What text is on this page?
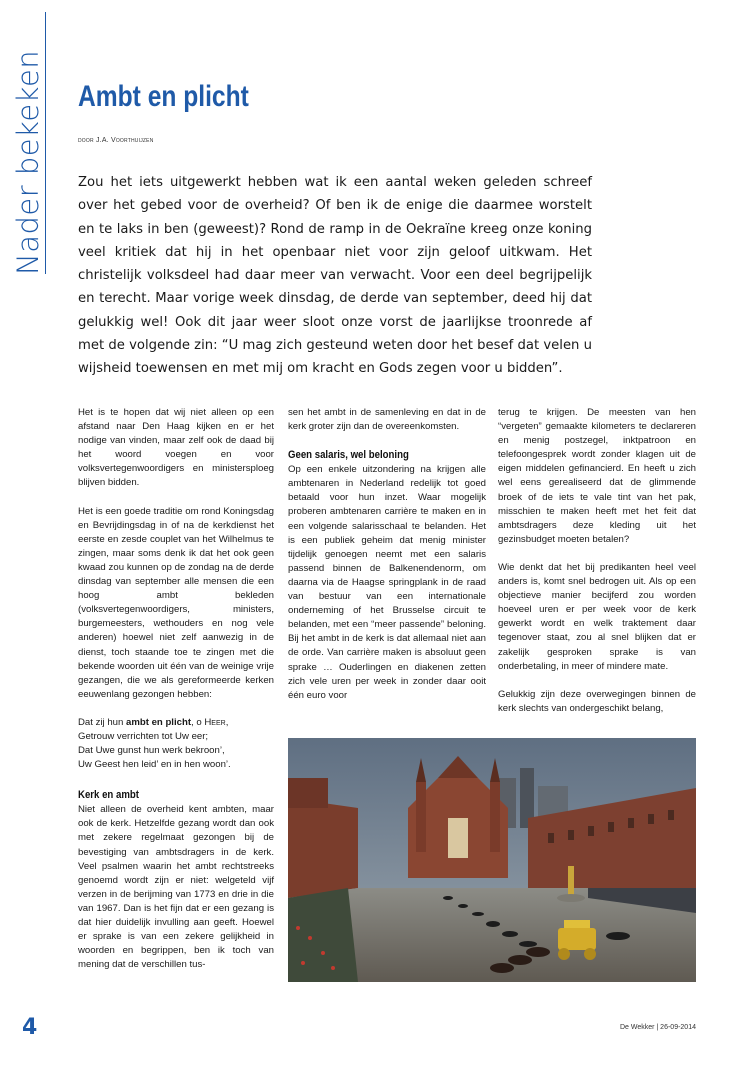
Nader bekeken Ambt en plicht
door J.A. Voorthuijzen
Zou het iets uitgewerkt hebben wat ik een aantal weken geleden schreef over het gebed voor de overheid? Of ben ik de enige die daarmee worstelt en te laks in ben (geweest)? Rond de ramp in de Oekraïne kreeg onze koning veel kritiek dat hij in het openbaar niet voor zijn geloof uitkwam. Het christelijk volksdeel had daar meer van verwacht. Voor een deel begrijpelijk en terecht. Maar vorige week dinsdag, de derde van september, deed hij dat gelukkig wel! Ook dit jaar weer sloot onze vorst de jaarlijkse troonrede af met de volgende zin: “U mag zich gesteund weten door het besef dat velen u wijsheid toewensen en met mij om kracht en Gods zegen voor u bidden”.

Het is te hopen dat wij niet alleen op een afstand naar Den Haag kijken en er het nodige van vinden, maar zelf ook de daad bij het woord voegen en voor volksvertegenwoordigers en ministersploeg blijven bidden.

Het is een goede traditie om rond Koningsdag en Bevrijdingsdag in of na de kerkdienst het eerste en zesde couplet van het Wilhelmus te zingen, maar soms denk ik dat het ook geen kwaad zou kunnen op de zondag na de derde dinsdag van september alle mensen die een hoog ambt bekleden (volksvertegenwoordigers, ministers, burgemeesters, wethouders en nog vele anderen) hoewel niet zelf aanwezig in de dienst, toch staande toe te zingen met die bekende woorden uit één van de weinige vrije gezangen, die we als gereformeerde kerken eeuwenlang gezongen hebben:

Dat zij hun ambt en plicht, o Heer,
Getrouw verrichten tot Uw eer;
Dat Uwe gunst hun werk bekroon’,
Uw Geest hen leid’ en in hen woon’.
Kerk en ambt

Niet alleen de overheid kent ambten, maar ook de kerk. Hetzelfde gezang wordt dan ook met zekere regelmaat gezongen bij de bevestiging van ambtsdragers in de kerk. Veel psalmen waarin het ambt rechtstreeks genoemd wordt zijn er niet: welgeteld vijf verzen in de berijming van 1773 en drie in die van 1967. Dan is het fijn dat er een gezang is dat hier duidelijk invulling aan geeft. Hoewel er sprake is van een zekere gelijkheid in woorden en begrippen, ben ik toch van mening dat de verschillen tus-

sen het ambt in de samenleving en dat in de kerk groter zijn dan de overeenkomsten.

Geen salaris, wel beloning

Op een enkele uitzondering na krijgen alle ambtenaren in Nederland redelijk tot goed betaald voor hun inzet. Waar mogelijk proberen ambtenaren carrière te maken en in een volgende salarisschaal te belanden. Het is een publiek geheim dat menig minister tijdelijk genoegen neemt met een salaris passend binnen de Balkenendenorm, om daarna via de Haagse springplank in de raad van bestuur van een internationale onderneming of het Brusselse circuit te belanden, met een “meer passende” beloning. Bij het ambt in de kerk is dat allemaal niet aan de orde. Van carrière maken is absoluut geen sprake … Ouderlingen en diakenen zetten zich vele uren per week in zonder daar ooit één euro voor

terug te krijgen. De meesten van hen “vergeten” gemaakte kilometers te declareren en menig postzegel, inktpatroon en telefoongesprek wordt zonder klagen uit de eigen middelen gefinancierd. En heeft u zich wel eens gerealiseerd dat de glimmende broek of de iets te vale tint van het pak, misschien te maken heeft met het feit dat ambtsdragers deze kleding uit het gezinsbudget moeten betalen?

Wie denkt dat het bij predikanten heel veel anders is, komt snel bedrogen uit. Als op een objectieve manier becijferd zou worden hoeveel uren er per week voor de kerk gewerkt wordt en welk traktement daar tegenover staat, zou al snel blijken dat er zakelijk gesproken sprake is van onderbetaling, in meer of mindere mate.

Gelukkig zijn deze overwegingen binnen de kerk slechts van ondergeschikt belang,

4	De Wekker | 26-09-2014
